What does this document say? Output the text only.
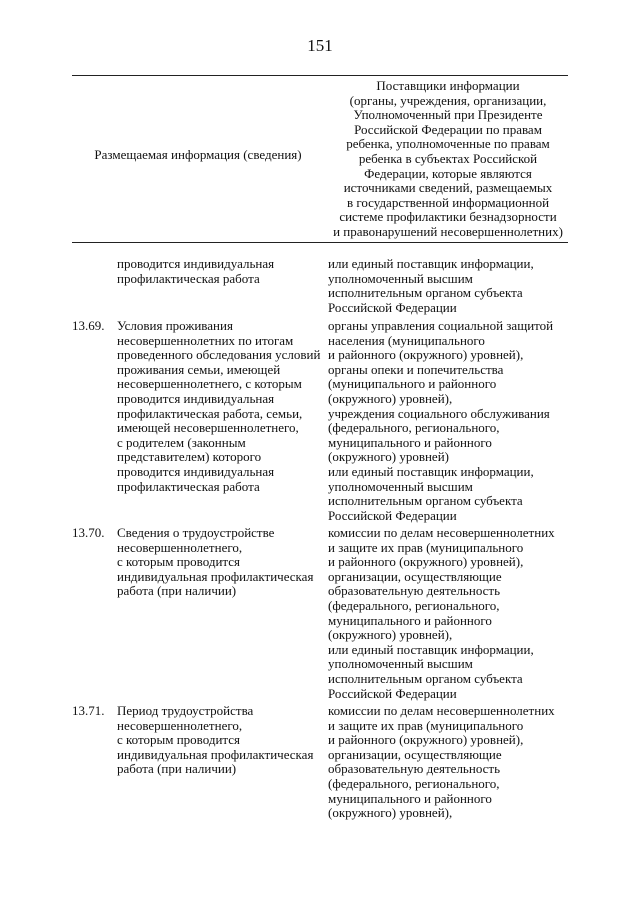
151
Размещаемая информация (сведения)
Поставщики информации
(органы, учреждения, организации,
Уполномоченный при Президенте
Российской Федерации по правам
ребенка, уполномоченные по правам
ребенка в субъектах Российской
Федерации, которые являются
источниками сведений, размещаемых
в государственной информационной
системе профилактики безнадзорности
и правонарушений несовершеннолетних)
проводится индивидуальная
профилактическая работа
или единый поставщик информации,
уполномоченный высшим
исполнительным органом субъекта
Российской Федерации
13.69. Условия проживания
несовершеннолетних по итогам
проведенного обследования условий
проживания семьи, имеющей
несовершеннолетнего, с которым
проводится индивидуальная
профилактическая работа, семьи,
имеющей несовершеннолетнего,
с родителем (законным
представителем) которого
проводится индивидуальная
профилактическая работа
органы управления социальной защитой
населения (муниципального
и районного (окружного) уровней),
органы опеки и попечительства
(муниципального и районного
(окружного) уровней),
учреждения социального обслуживания
(федерального, регионального,
муниципального и районного
(окружного) уровней)
или единый поставщик информации,
уполномоченный высшим
исполнительным органом субъекта
Российской Федерации
13.70. Сведения о трудоустройстве
несовершеннолетнего,
с которым проводится
индивидуальная профилактическая
работа (при наличии)
комиссии по делам несовершеннолетних
и защите их прав (муниципального
и районного (окружного) уровней),
организации, осуществляющие
образовательную деятельность
(федерального, регионального,
муниципального и районного
(окружного) уровней),
или единый поставщик информации,
уполномоченный высшим
исполнительным органом субъекта
Российской Федерации
13.71. Период трудоустройства
несовершеннолетнего,
с которым проводится
индивидуальная профилактическая
работа (при наличии)
комиссии по делам несовершеннолетних
и защите их прав (муниципального
и районного (окружного) уровней),
организации, осуществляющие
образовательную деятельность
(федерального, регионального,
муниципального и районного
(окружного) уровней),
